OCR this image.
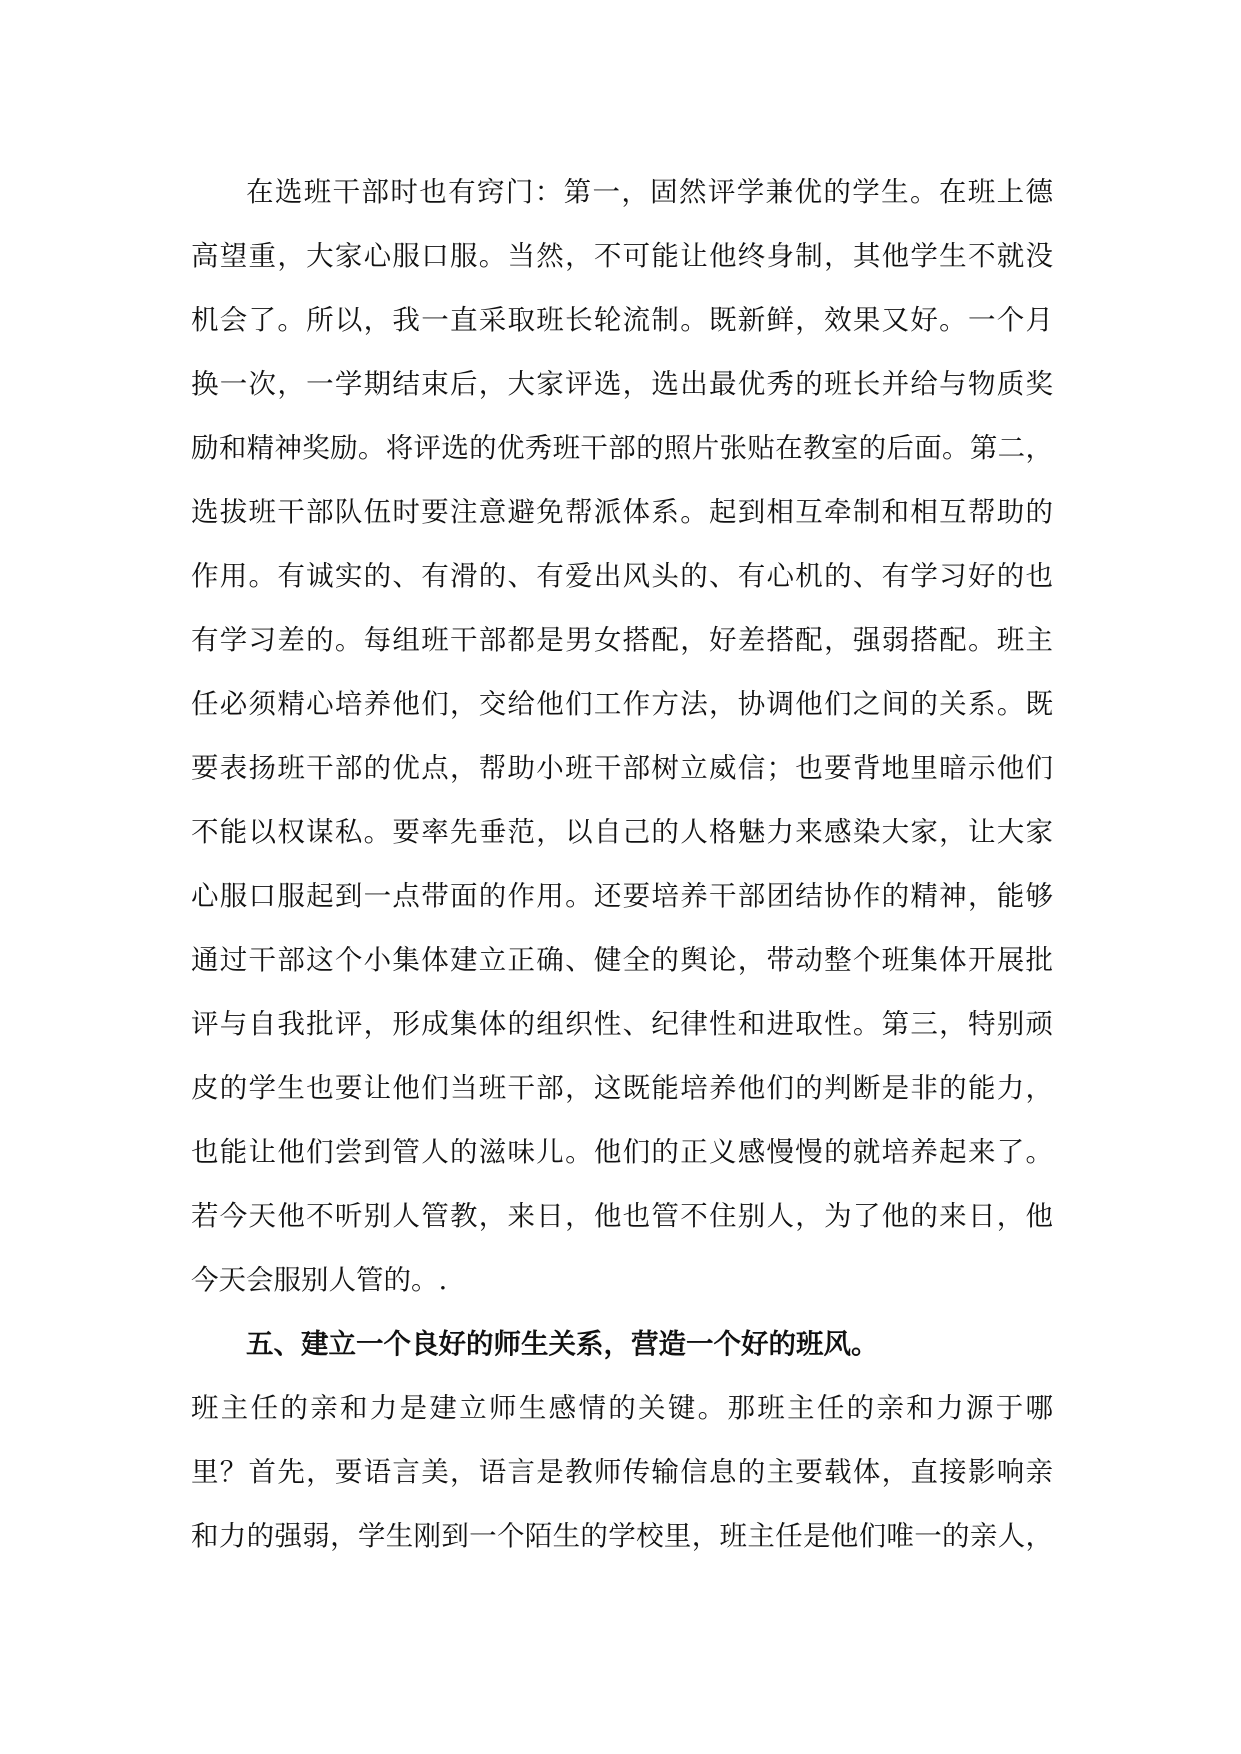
在选班干部时也有窍门：第一，固然评学兼优的学生。在班上德
高望重，大家心服口服。当然，不可能让他终身制，其他学生不就没
机会了。所以，我一直采取班长轮流制。既新鲜，效果又好。一个月
换一次，一学期结束后，大家评选，选出最优秀的班长并给与物质奖
励和精神奖励。将评选的优秀班干部的照片张贴在教室的后面。第二，
选拔班干部队伍时要注意避免帮派体系。起到相互牵制和相互帮助的
作用。有诚实的、有滑的、有爱出风头的、有心机的、有学习好的也
有学习差的。每组班干部都是男女搭配，好差搭配，强弱搭配。班主
任必须精心培养他们，交给他们工作方法，协调他们之间的关系。既
要表扬班干部的优点，帮助小班干部树立威信；也要背地里暗示他们
不能以权谋私。要率先垂范，以自己的人格魅力来感染大家，让大家
心服口服起到一点带面的作用。还要培养干部团结协作的精神，能够
通过干部这个小集体建立正确、健全的舆论，带动整个班集体开展批
评与自我批评，形成集体的组织性、纪律性和进取性。第三，特别顽
皮的学生也要让他们当班干部，这既能培养他们的判断是非的能力，
也能让他们尝到管人的滋味儿。他们的正义感慢慢的就培养起来了。
若今天他不听别人管教，来日，他也管不住别人，为了他的来日，他
今天会服别人管的。.
五、建立一个良好的师生关系，营造一个好的班风。
班主任的亲和力是建立师生感情的关键。那班主任的亲和力源于哪
里？首先，要语言美，语言是教师传输信息的主要载体，直接影响亲
和力的强弱，学生刚到一个陌生的学校里，班主任是他们唯一的亲人，
